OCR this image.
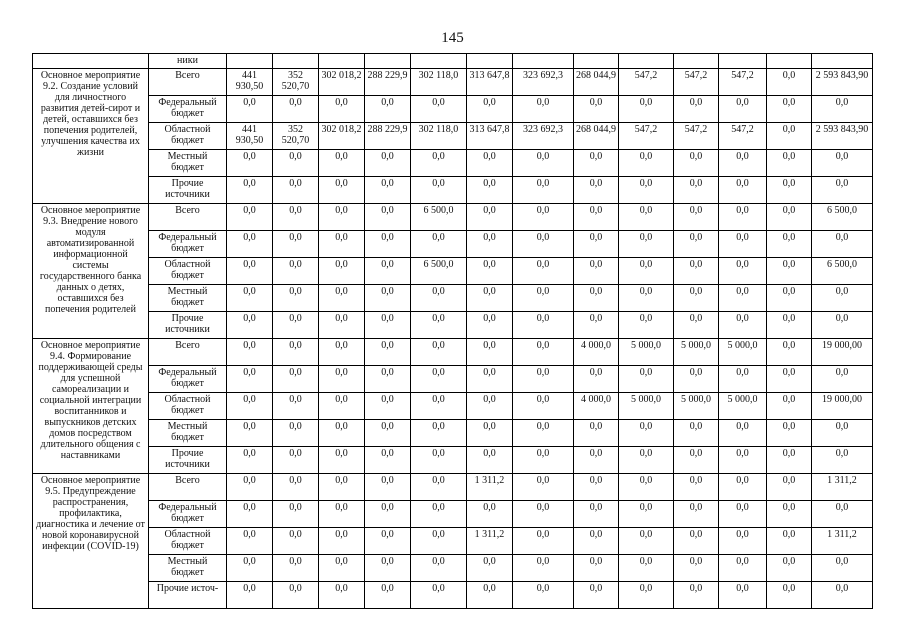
145
	ники													
Основное мероприятие 9.2. Создание условий для личностного развития детей-сирот и детей, оставшихся без попечения родителей, улучшения качества их жизни	Всего	441 930,50	352 520,70	302 018,2	288 229,9	302 118,0	313 647,8	323 692,3	268 044,9	547,2	547,2	547,2	0,0	2 593 843,90
	Федеральный бюджет	0,0	0,0	0,0	0,0	0,0	0,0	0,0	0,0	0,0	0,0	0,0	0,0	0,0
	Областной бюджет	441 930,50	352 520,70	302 018,2	288 229,9	302 118,0	313 647,8	323 692,3	268 044,9	547,2	547,2	547,2	0,0	2 593 843,90
	Местный бюджет	0,0	0,0	0,0	0,0	0,0	0,0	0,0	0,0	0,0	0,0	0,0	0,0	0,0
	Прочие источники	0,0	0,0	0,0	0,0	0,0	0,0	0,0	0,0	0,0	0,0	0,0	0,0	0,0
Основное мероприятие 9.3. Внедрение нового модуля автоматизированной информационной системы государственного банка данных о детях, оставшихся без попечения родителей	Всего	0,0	0,0	0,0	0,0	6 500,0	0,0	0,0	0,0	0,0	0,0	0,0	0,0	6 500,0
	Федеральный бюджет	0,0	0,0	0,0	0,0	0,0	0,0	0,0	0,0	0,0	0,0	0,0	0,0	0,0
	Областной бюджет	0,0	0,0	0,0	0,0	6 500,0	0,0	0,0	0,0	0,0	0,0	0,0	0,0	6 500,0
	Местный бюджет	0,0	0,0	0,0	0,0	0,0	0,0	0,0	0,0	0,0	0,0	0,0	0,0	0,0
	Прочие источники	0,0	0,0	0,0	0,0	0,0	0,0	0,0	0,0	0,0	0,0	0,0	0,0	0,0
Основное мероприятие 9.4. Формирование поддерживающей среды для успешной самореализации и социальной интеграции воспитанников и выпускников детских домов посредством длительного общения с наставниками	Всего	0,0	0,0	0,0	0,0	0,0	0,0	0,0	4 000,0	5 000,0	5 000,0	5 000,0	0,0	19 000,00
	Федеральный бюджет	0,0	0,0	0,0	0,0	0,0	0,0	0,0	0,0	0,0	0,0	0,0	0,0	0,0
	Областной бюджет	0,0	0,0	0,0	0,0	0,0	0,0	0,0	4 000,0	5 000,0	5 000,0	5 000,0	0,0	19 000,00
	Местный бюджет	0,0	0,0	0,0	0,0	0,0	0,0	0,0	0,0	0,0	0,0	0,0	0,0	0,0
	Прочие источники	0,0	0,0	0,0	0,0	0,0	0,0	0,0	0,0	0,0	0,0	0,0	0,0	0,0
Основное мероприятие 9.5. Предупреждение распространения, профилактика, диагностика и лечение от новой коронавирусной инфекции (COVID-19)	Всего	0,0	0,0	0,0	0,0	0,0	1 311,2	0,0	0,0	0,0	0,0	0,0	0,0	1 311,2
	Федеральный бюджет	0,0	0,0	0,0	0,0	0,0	0,0	0,0	0,0	0,0	0,0	0,0	0,0	0,0
	Областной бюджет	0,0	0,0	0,0	0,0	0,0	1 311,2	0,0	0,0	0,0	0,0	0,0	0,0	1 311,2
	Местный бюджет	0,0	0,0	0,0	0,0	0,0	0,0	0,0	0,0	0,0	0,0	0,0	0,0	0,0
	Прочие источ-	0,0	0,0	0,0	0,0	0,0	0,0	0,0	0,0	0,0	0,0	0,0	0,0	0,0
